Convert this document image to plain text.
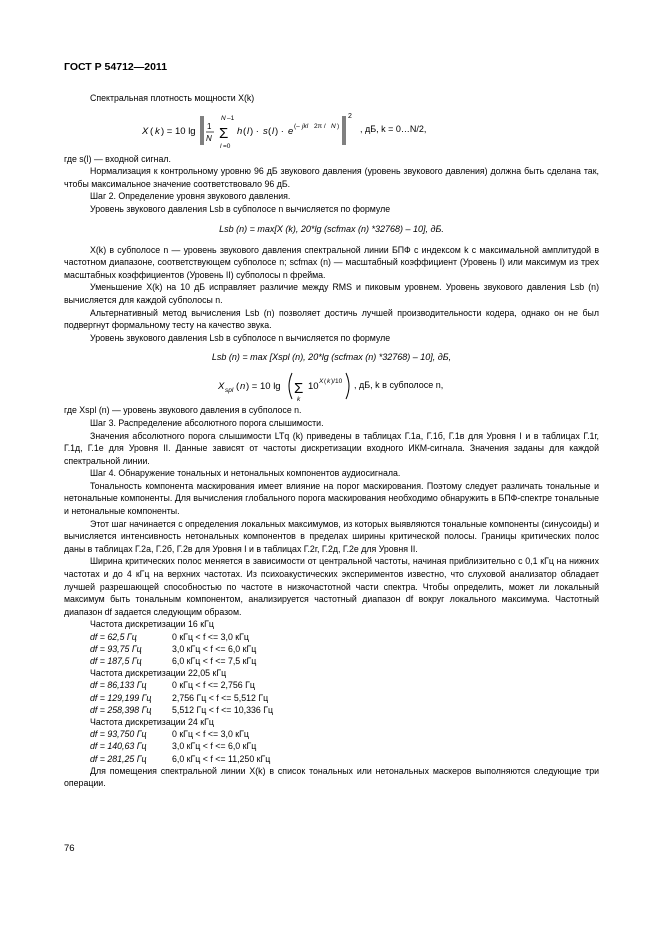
ГОСТ Р 54712—2011

Спектральная плотность мощности X(k)

X ( k ) = 10 lg 1
N
N –1
Σ
l =0
h ( l ) · s ( l ) · e (– jkl 2π / N )
2
, дБ, k = 0…N/2,

где s(l) — входной сигнал.

Нормализация к контрольному уровню 96 дБ звукового давления (уровень звукового давления) должна быть сделана так, чтобы максимальное значение соответствовало 96 дБ.

Шаг 2. Определение уровня звукового давления.

Уровень звукового давления Lsb в субполосе n вычисляется по формуле

Lsb (n) = max[X (k), 20*lg (scfmax (n) *32768) – 10], дБ.

X(k) в субполосе n — уровень звукового давления спектральной линии БПФ с индексом k с максимальной амплитудой в частотном диапазоне, соответствующем субполосе n; scfmax (n) — масштабный коэффициент (Уровень I) или максимум из трех масштабных коэффициентов (Уровень II) субполосы n фрейма.

Уменьшение X(k) на 10 дБ исправляет различие между RMS и пиковым уровнем. Уровень звукового давления Lsb (n) вычисляется для каждой субполосы n.

Альтернативный метод вычисления Lsb (n) позволяет достичь лучшей производительности кодера, однако он не был подвергнут формальному тесту на качество звука.

Уровень звукового давления Lsb в субполосе n вычисляется по формуле

Lsb (n) = max [Xspl (n), 20*lg (scfmax (n) *32768) – 10], дБ,
X spl ( n ) = 10 lg Σ
k
10 X ( k )/10 , дБ, k в субполосе n,

где Xspl (n) — уровень звукового давления в субполосе n.

Шаг 3. Распределение абсолютного порога слышимости.

Значения абсолютного порога слышимости LTq (k) приведены в таблицах Г.1а, Г.1б, Г.1в для Уровня I и в таблицах Г.1г, Г.1д, Г.1е для Уровня II. Данные зависят от частоты дискретизации входного ИКМ-сигнала. Значения заданы для каждой спектральной линии.

Шаг 4. Обнаружение тональных и нетональных компонентов аудиосигнала.

Тональность компонента маскирования имеет влияние на порог маскирования. Поэтому следует различать тональные и нетональные компоненты. Для вычисления глобального порога маскирования необходимо обнаружить в БПФ-спектре тональные и нетональные компоненты.

Этот шаг начинается с определения локальных максимумов, из которых выявляются тональные компоненты (синусоиды) и вычисляется интенсивность нетональных компонентов в пределах ширины критической полосы. Границы критических полос даны в таблицах Г.2а, Г.2б, Г.2в для Уровня I и в таблицах Г.2г, Г.2д, Г.2е для Уровня II.

Ширина критических полос меняется в зависимости от центральной частоты, начиная приблизительно с 0,1 кГц на нижних частотах и до 4 кГц на верхних частотах. Из психоакустических экспериментов известно, что слуховой анализатор обладает лучшей разрешающей способностью по частоте в низкочастотной части спектра. Чтобы определить, может ли локальный максимум быть тональным компонентом, анализируется частотный диапазон df вокруг локального максимума. Частотный диапазон df задается следующим образом.

Частота дискретизации 16 кГц
df = 62,5 Гц	0 кГц < f <= 3,0 кГц
df = 93,75 Гц	3,0 кГц < f <= 6,0 кГц
df = 187,5 Гц	6,0 кГц < f <= 7,5 кГц
Частота дискретизации 22,05 кГц
df = 86,133 Гц	0 кГц < f <= 2,756 Гц
df = 129,199 Гц	2,756 Гц < f <= 5,512 Гц
df = 258,398 Гц	5,512 Гц < f <= 10,336 Гц
Частота дискретизации 24 кГц
df = 93,750 Гц	0 кГц < f <= 3,0 кГц
df = 140,63 Гц	3,0 кГц < f <= 6,0 кГц
df = 281,25 Гц	6,0 кГц < f <= 11,250 кГц

Для помещения спектральной линии X(k) в список тональных или нетональных маскеров выполняются следующие три операции.

76
